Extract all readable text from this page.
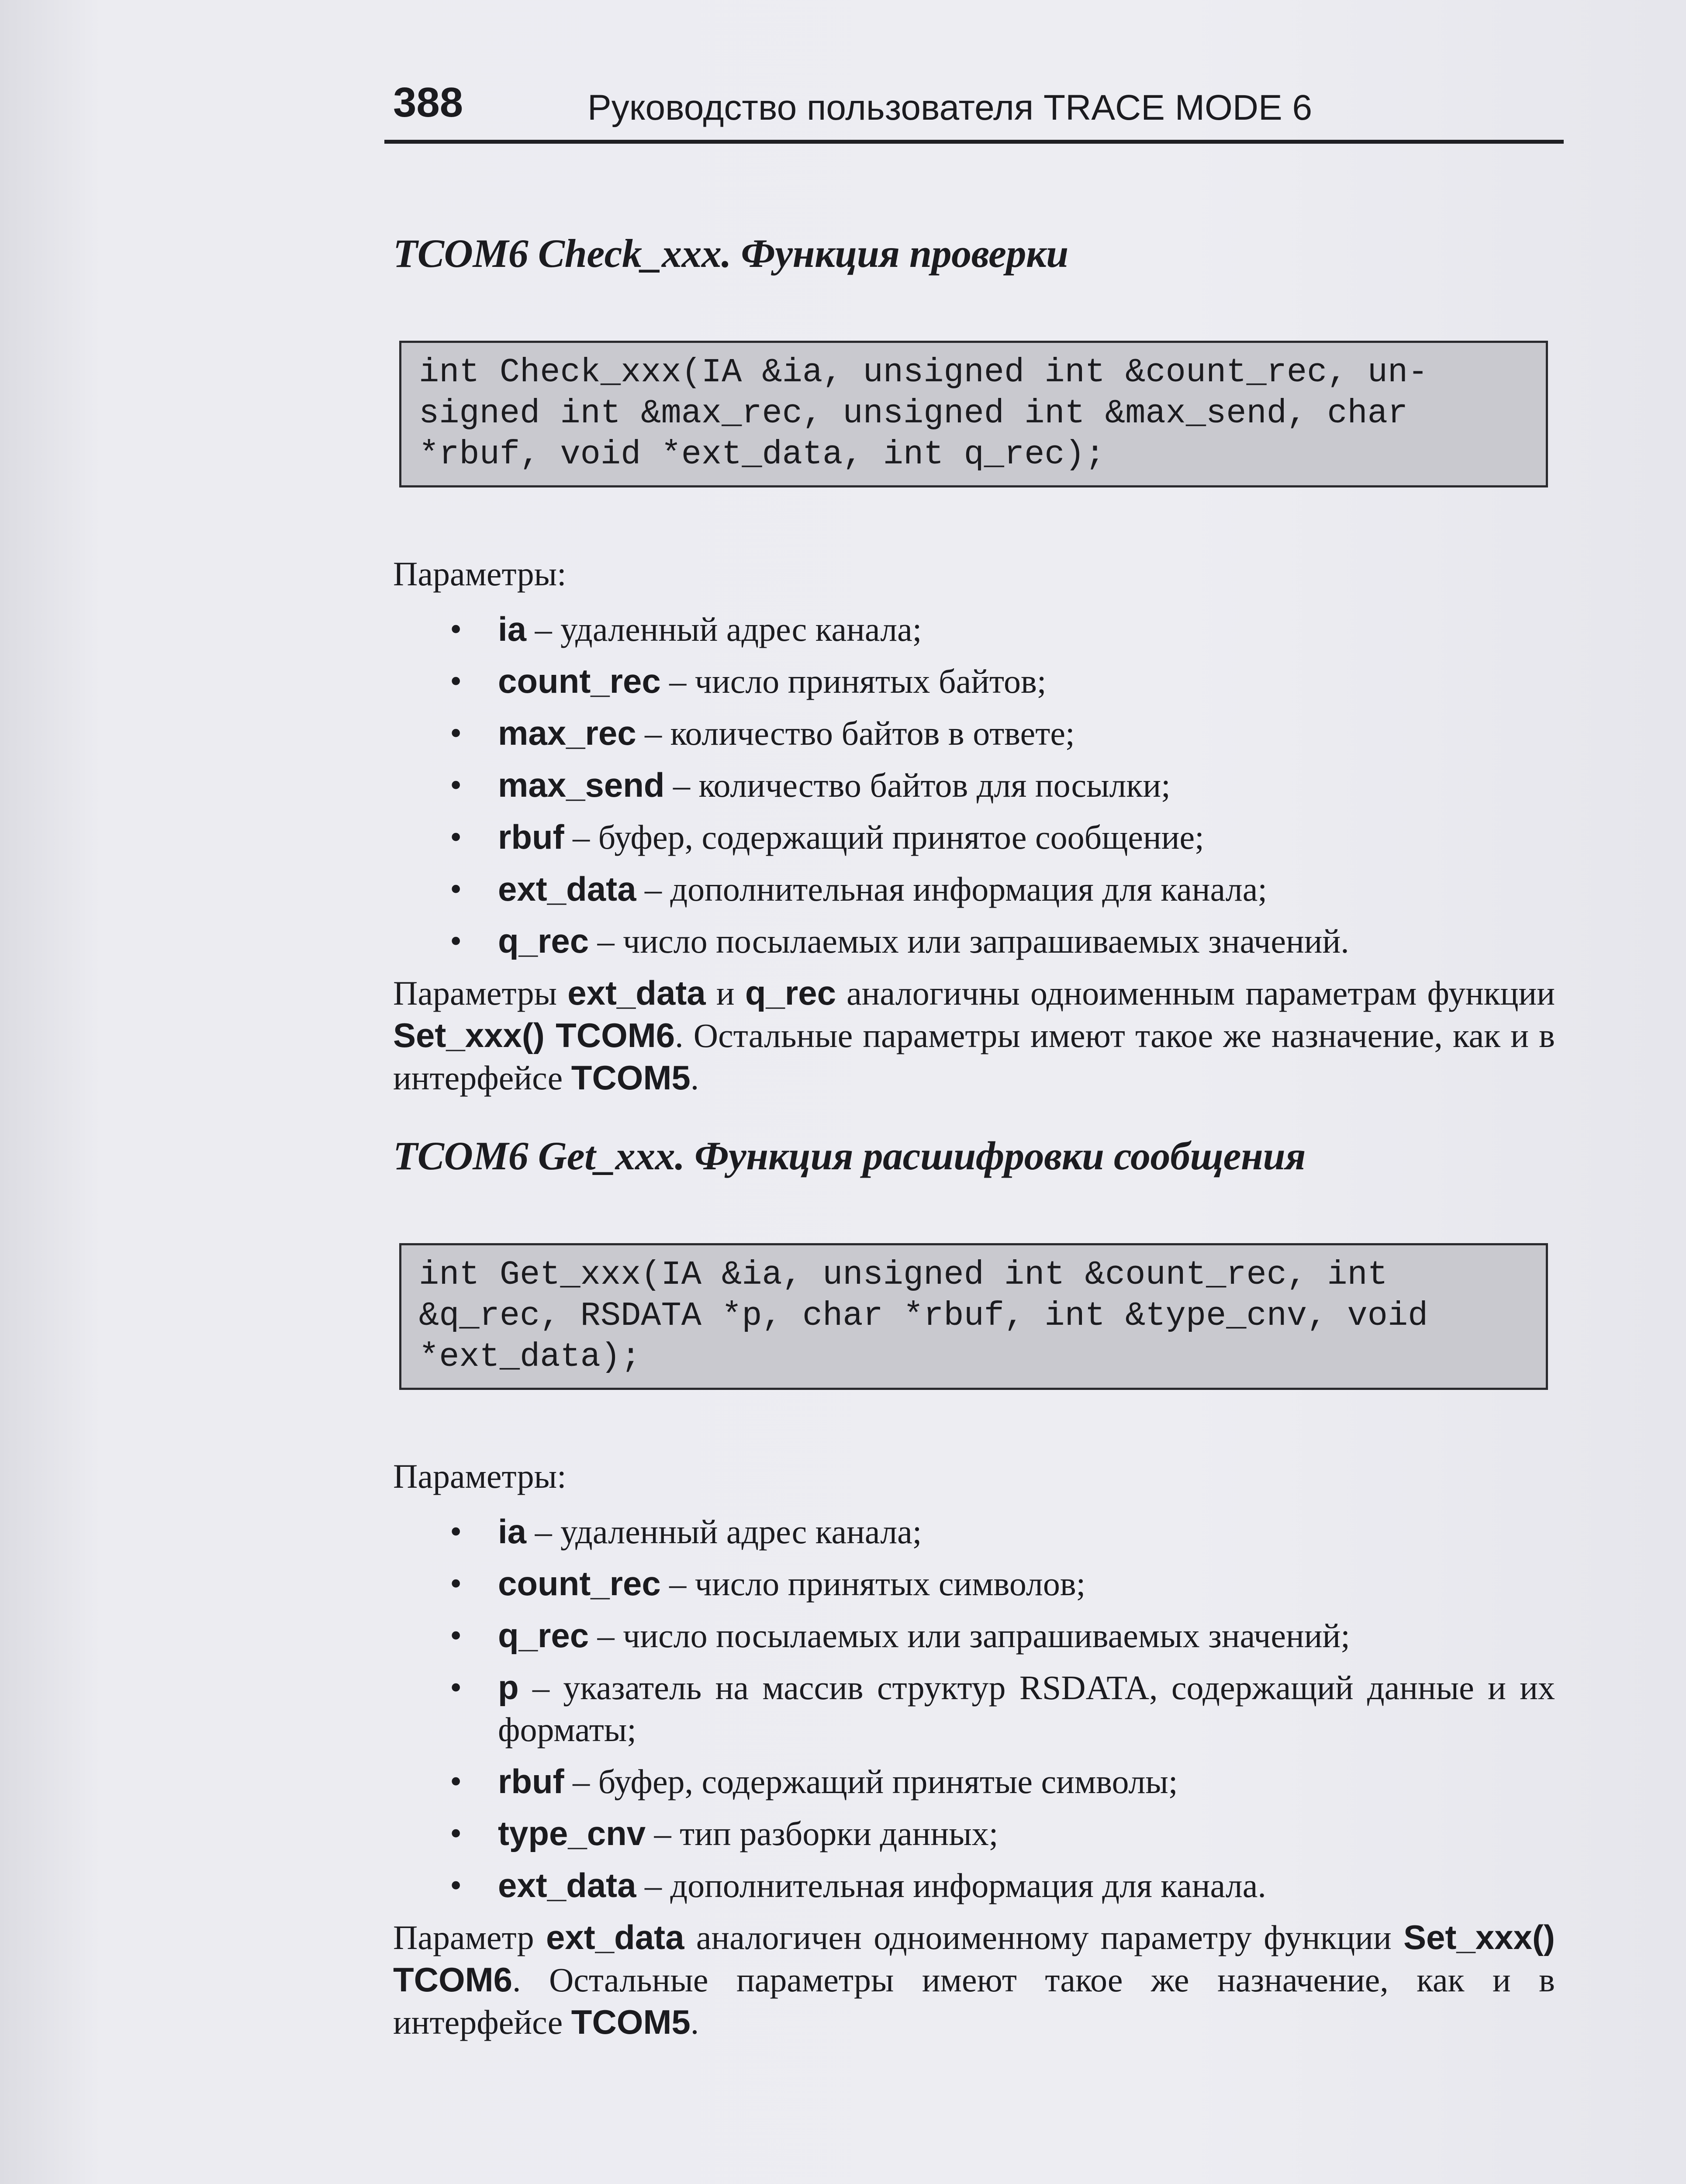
388	Руководство пользователя TRACE MODE 6
TCOM6 Check_xxx. Функция проверки
int Check_xxx(IA &ia, unsigned int &count_rec, un-
signed int &max_rec, unsigned int &max_send, char
*rbuf, void *ext_data, int q_rec);

Параметры:

• ia – удаленный адрес канала;
• count_rec – число принятых байтов;
• max_rec – количество байтов в ответе;
• max_send – количество байтов для посылки;
• rbuf – буфер, содержащий принятое сообщение;
• ext_data – дополнительная информация для канала;
• q_rec – число посылаемых или запрашиваемых значений.

Параметры ext_data и q_rec аналогичны одноименным параметрам функции Set_xxx() TCOM6. Остальные параметры имеют такое же назначение, как и в интерфейсе TCOM5.

TCOM6 Get_xxx. Функция расшифровки сообщения
int Get_xxx(IA &ia, unsigned int &count_rec, int
&q_rec, RSDATA *p, char *rbuf, int &type_cnv, void
*ext_data);

Параметры:

• ia – удаленный адрес канала;
• count_rec – число принятых символов;
• q_rec – число посылаемых или запрашиваемых значений;
• p – указатель на массив структур RSDATA, содержащий данные и их форматы;
• rbuf – буфер, содержащий принятые символы;
• type_cnv – тип разборки данных;
• ext_data – дополнительная информация для канала.

Параметр ext_data аналогичен одноименному параметру функции Set_xxx() TCOM6. Остальные параметры имеют такое же назначение, как и в интерфейсе TCOM5.
